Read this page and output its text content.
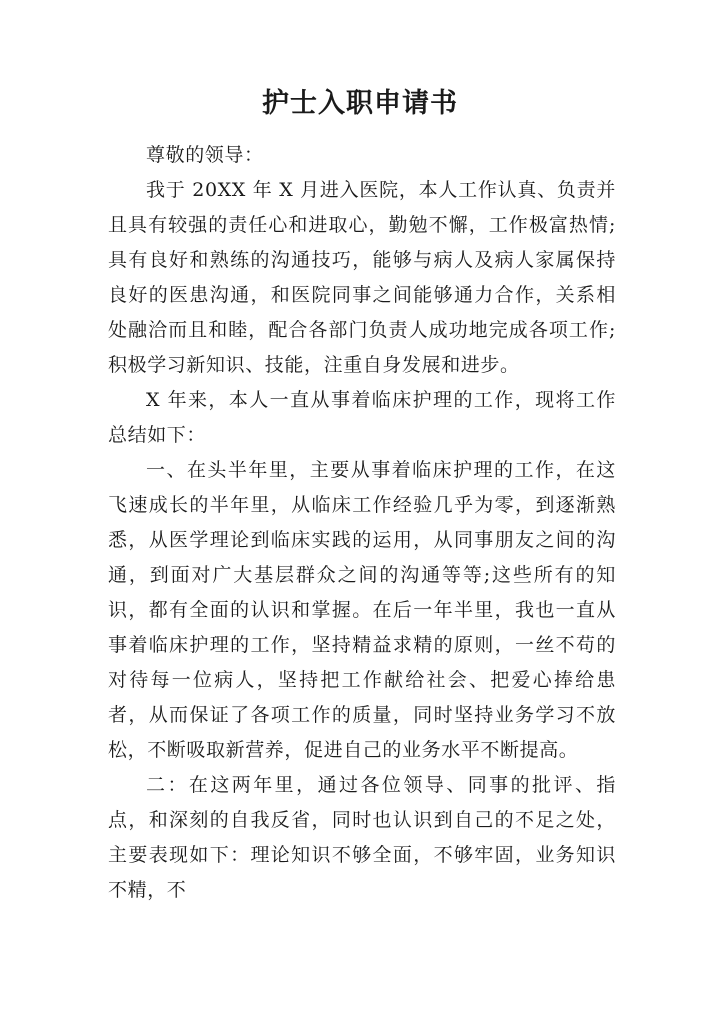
护士入职申请书

尊敬的领导：

我于 20XX 年 X 月进入医院，本人工作认真、负责并且具有较强的责任心和进取心，勤勉不懈，工作极富热情;具有良好和熟练的沟通技巧，能够与病人及病人家属保持良好的医患沟通，和医院同事之间能够通力合作，关系相处融洽而且和睦，配合各部门负责人成功地完成各项工作;积极学习新知识、技能，注重自身发展和进步。

X 年来，本人一直从事着临床护理的工作，现将工作总结如下：

一、在头半年里，主要从事着临床护理的工作，在这飞速成长的半年里，从临床工作经验几乎为零，到逐渐熟悉，从医学理论到临床实践的运用，从同事朋友之间的沟通，到面对广大基层群众之间的沟通等等;这些所有的知识，都有全面的认识和掌握。在后一年半里，我也一直从事着临床护理的工作，坚持精益求精的原则，一丝不苟的对待每一位病人，坚持把工作献给社会、把爱心捧给患者，从而保证了各项工作的质量，同时坚持业务学习不放松，不断吸取新营养，促进自己的业务水平不断提高。

二：在这两年里，通过各位领导、同事的批评、指点，和深刻的自我反省，同时也认识到自己的不足之处，主要表现如下：理论知识不够全面，不够牢固，业务知识不精，不
